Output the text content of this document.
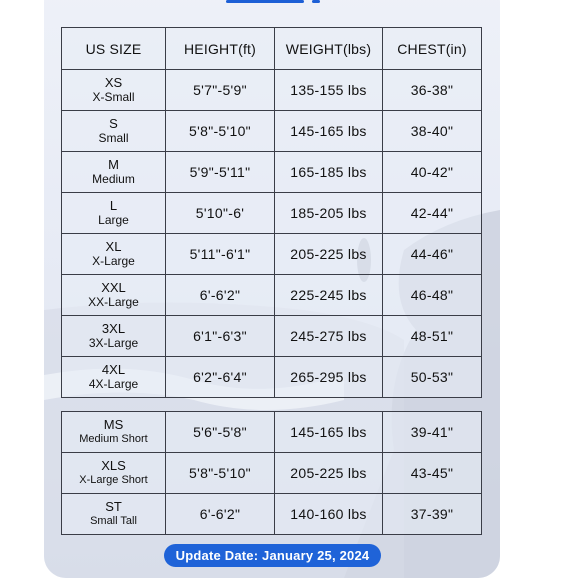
US SIZE	HEIGHT(ft)	WEIGHT(lbs)	CHEST(in)

XS
X-Small	5'7"-5'9"	135-155 lbs	36-38"

S
Small	5'8"-5'10"	145-165 lbs	38-40"

M
Medium	5'9"-5'11"	165-185 lbs	40-42"

L
Large	5'10"-6'	185-205 lbs	42-44"

XL
X-Large	5'11"-6'1"	205-225 lbs	44-46"

XXL
XX-Large	6'-6'2"	225-245 lbs	46-48"

3XL
3X-Large	6'1"-6'3"	245-275 lbs	48-51"

4XL
4X-Large	6'2"-6'4"	265-295 lbs	50-53"
MS
Medium Short	5'6"-5'8"	145-165 lbs	39-41"

XLS
X-Large Short	5'8"-5'10"	205-225 lbs	43-45"

ST
Small Tall	6'-6'2"	140-160 lbs	37-39"
Update Date: January 25, 2024
